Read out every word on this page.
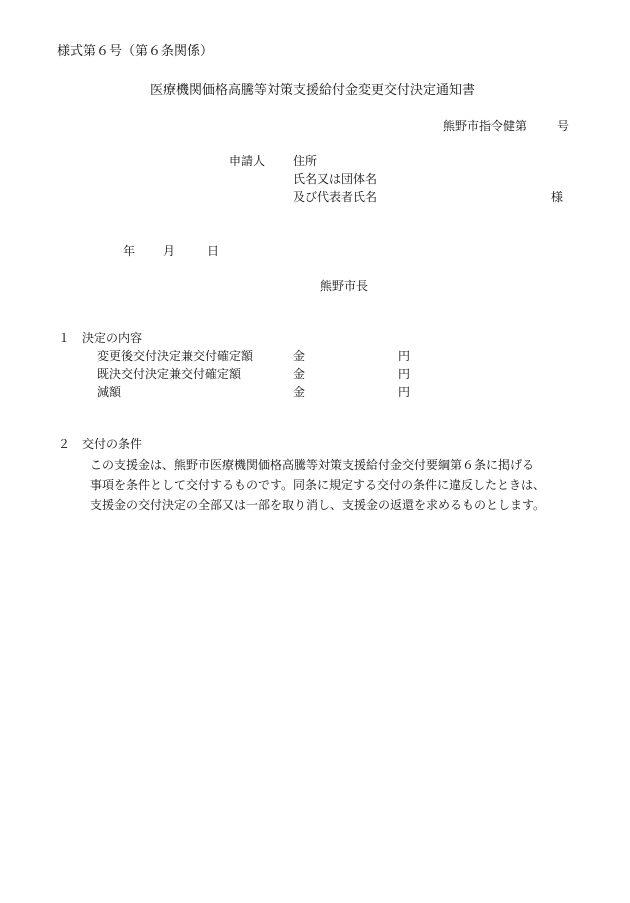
様式第６号（第６条関係）
医療機関価格高騰等対策支援給付金変更交付決定通知書
熊野市指令健第	号
申請人 住所
氏名又は団体名
及び代表者氏名	様
年 月	日
熊野市長
１　決定の内容
変更後交付決定兼交付確定額	金	円
既決交付決定兼交付確定額	金	円
減額	金	円
２　交付の条件
この支援金は、熊野市医療機関価格高騰等対策支援給付金交付要綱第６条に掲げる
事項を条件として交付するものです。同条に規定する交付の条件に違反したときは、
支援金の交付決定の全部又は一部を取り消し、支援金の返還を求めるものとします。
